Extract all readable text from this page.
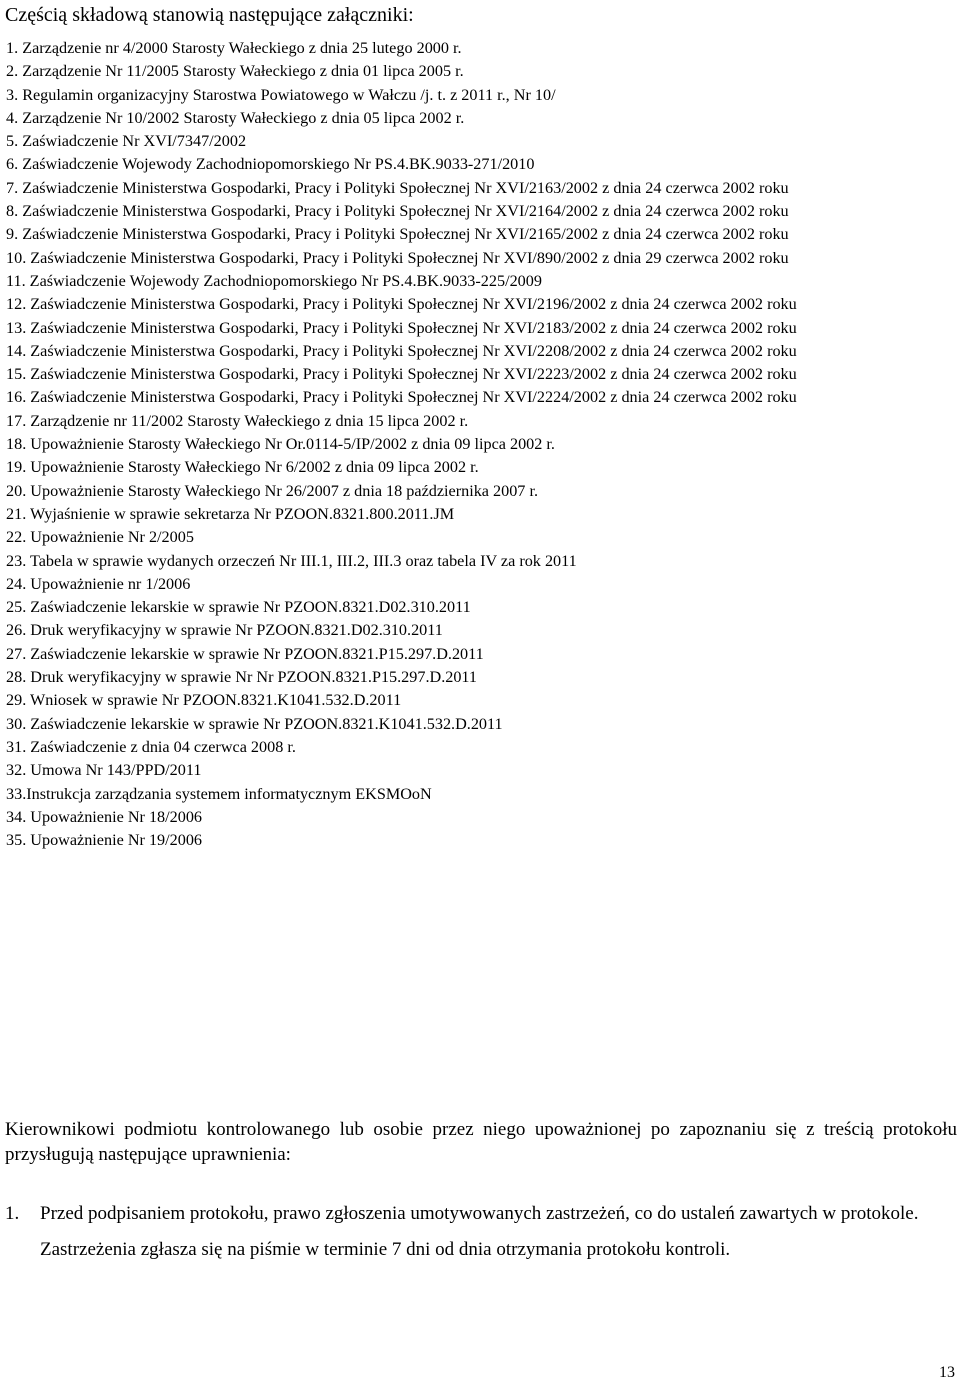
Częścią składową stanowią następujące załączniki:
1. Zarządzenie nr 4/2000 Starosty Wałeckiego z dnia 25 lutego 2000 r.
2. Zarządzenie Nr 11/2005 Starosty Wałeckiego z dnia 01 lipca 2005 r.
3. Regulamin organizacyjny Starostwa Powiatowego w Wałczu /j. t. z 2011 r., Nr 10/
4. Zarządzenie Nr 10/2002 Starosty Wałeckiego z dnia 05 lipca 2002 r.
5. Zaświadczenie Nr XVI/7347/2002
6. Zaświadczenie Wojewody Zachodniopomorskiego Nr PS.4.BK.9033-271/2010
7. Zaświadczenie Ministerstwa Gospodarki, Pracy i Polityki Społecznej Nr XVI/2163/2002 z dnia 24 czerwca 2002 roku
8. Zaświadczenie Ministerstwa Gospodarki, Pracy i Polityki Społecznej Nr XVI/2164/2002 z dnia 24 czerwca 2002 roku
9. Zaświadczenie Ministerstwa Gospodarki, Pracy i Polityki Społecznej Nr XVI/2165/2002 z dnia 24 czerwca 2002 roku
10. Zaświadczenie Ministerstwa Gospodarki, Pracy i Polityki Społecznej Nr XVI/890/2002 z dnia 29 czerwca 2002 roku
11. Zaświadczenie Wojewody Zachodniopomorskiego Nr PS.4.BK.9033-225/2009
12. Zaświadczenie Ministerstwa Gospodarki, Pracy i Polityki Społecznej Nr XVI/2196/2002 z dnia 24 czerwca 2002 roku
13. Zaświadczenie Ministerstwa Gospodarki, Pracy i Polityki Społecznej Nr XVI/2183/2002 z dnia 24 czerwca 2002 roku
14. Zaświadczenie Ministerstwa Gospodarki, Pracy i Polityki Społecznej Nr XVI/2208/2002 z dnia 24 czerwca 2002 roku
15. Zaświadczenie Ministerstwa Gospodarki, Pracy i Polityki Społecznej Nr XVI/2223/2002 z dnia 24 czerwca 2002 roku
16. Zaświadczenie Ministerstwa Gospodarki, Pracy i Polityki Społecznej Nr XVI/2224/2002 z dnia 24 czerwca 2002 roku
17. Zarządzenie nr 11/2002 Starosty Wałeckiego z dnia 15 lipca 2002 r.
18. Upoważnienie Starosty Wałeckiego Nr Or.0114-5/IP/2002 z dnia 09 lipca 2002 r.
19. Upoważnienie Starosty Wałeckiego Nr 6/2002 z dnia 09 lipca 2002 r.
20. Upoważnienie Starosty Wałeckiego Nr 26/2007 z dnia 18 października 2007 r.
21. Wyjaśnienie w sprawie sekretarza Nr PZOON.8321.800.2011.JM
22. Upoważnienie Nr 2/2005
23. Tabela w sprawie wydanych orzeczeń Nr III.1, III.2, III.3 oraz tabela IV za rok 2011
24. Upoważnienie nr 1/2006
25. Zaświadczenie lekarskie w sprawie Nr PZOON.8321.D02.310.2011
26. Druk weryfikacyjny w sprawie Nr PZOON.8321.D02.310.2011
27. Zaświadczenie lekarskie w sprawie Nr PZOON.8321.P15.297.D.2011
28. Druk weryfikacyjny w sprawie Nr Nr PZOON.8321.P15.297.D.2011
29. Wniosek w sprawie Nr PZOON.8321.K1041.532.D.2011
30. Zaświadczenie lekarskie w sprawie Nr PZOON.8321.K1041.532.D.2011
31. Zaświadczenie z dnia 04 czerwca 2008 r.
32. Umowa Nr 143/PPD/2011
33.Instrukcja zarządzania systemem informatycznym EKSMOoN
34. Upoważnienie Nr 18/2006
35. Upoważnienie Nr 19/2006
Kierownikowi podmiotu kontrolowanego lub osobie przez niego upoważnionej po zapoznaniu się z treścią protokołu przysługują następujące uprawnienia:
1.	Przed podpisaniem protokołu, prawo zgłoszenia umotywowanych zastrzeżeń, co do ustaleń zawartych w protokole.
Zastrzeżenia zgłasza się na piśmie w terminie 7 dni od dnia otrzymania protokołu kontroli.
13
